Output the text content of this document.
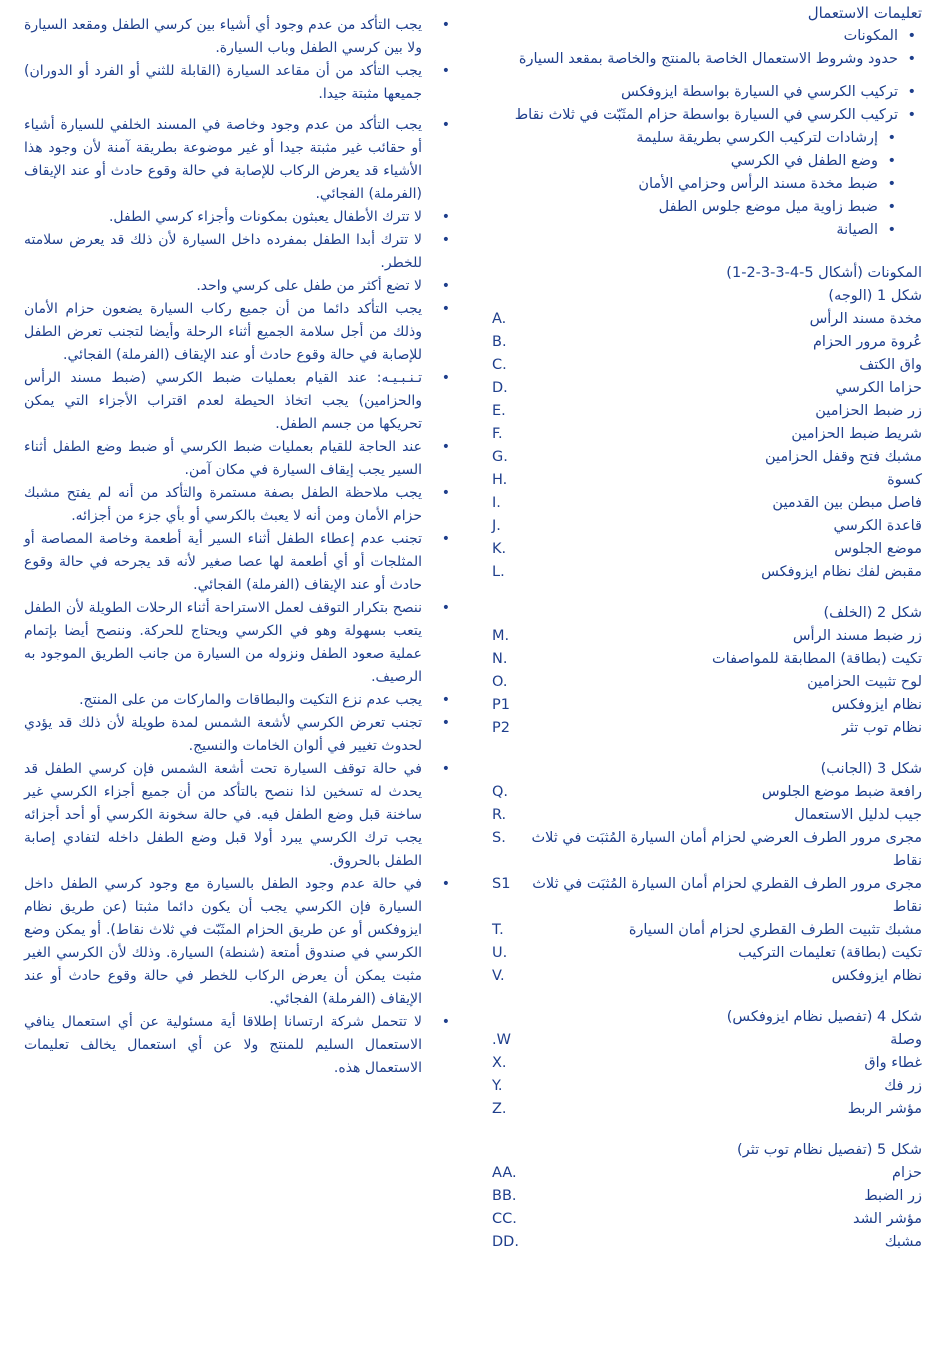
تعليمات الاستعمال
• المكونات
• حدود وشروط الاستعمال الخاصة بالمنتج والخاصة بمقعد السيارة
• تركيب الكرسي في السيارة بواسطة ايزوفكس
• تركيب الكرسي في السيارة بواسطة حزام المثَبّت في ثلاث نقاط
• إرشادات لتركيب الكرسي بطريقة سليمة
• وضع الطفل في الكرسي
• ضبط مخدة مسند الرأس وحزامي الأمان
• ضبط زاوية ميل موضع جلوس الطفل
• الصيانة
المكونات (أشكال 5-4-3-3-2-1)
شكل 1 (الوجه)
مخدة مسند الرأس
A.
عُروة مرور الحزام
B.
واق الكتف
C.
حزاما الكرسي
D.
زر ضبط الحزامين
E.
شريط ضبط الحزامين
F.
مشبك فتح وقفل الحزامين
G.
كسوة
H.
فاصل مبطن بين القدمين
I.
قاعدة الكرسي
J.
موضع الجلوس
K.
مقبض لفك نظام ايزوفكس
L.
شكل 2 (الخلف)
زر ضبط مسند الرأس
M.
تكيت (بطاقة) المطابقة للمواصفات
N.
لوح تثبيت الحزامين
O.
نظام ايزوفكس
P1
نظام توب تثر
P2
شكل 3 (الجانب)
رافعة ضبط موضع الجلوس
Q.
جيب لدليل الاستعمال
R.
مجرى مرور الطرف العرضي لحزام أمان السيارة المُثبَت في ثلاث نقاط
S.
مجرى مرور الطرف القطري لحزام أمان السيارة المُثبَت في ثلاث نقاط
S1
مشبك تثبيت الطرف القطري لحزام أمان السيارة
T.
تكيت (بطاقة) تعليمات التركيب
U.
نظام ايزوفكس
V.
شكل 4 (تفصيل نظام ايزوفكس)
وصلة
.W
غطاء واق
X.
زر فك
Y.
مؤشر الربط
Z.
شكل 5 (تفصيل نظام توب تثر)
حزام
AA.
زر الضبط
BB.
مؤشر الشد
CC.
مشبك
DD.
• يجب التأكد من عدم وجود أي أشياء بين كرسي الطفل ومقعد السيارة ولا بين كرسي الطفل وباب السيارة.
• يجب التأكد من أن مقاعد السيارة (القابلة للثني أو الفرد أو الدوران) جميعها مثبتة جيدا.
• يجب التأكد من عدم وجود وخاصة في المسند الخلفي للسيارة أشياء أو حقائب غير مثبتة جيدا أو غير موضوعة بطريقة آمنة لأن وجود هذا الأشياء قد يعرض الركاب للإصابة في حالة وقوع حادث أو عند الإيقاف (الفرملة) الفجائي.
• لا تترك الأطفال يعبثون بمكونات وأجزاء كرسي الطفل.
• لا تترك أبدا الطفل بمفرده داخل السيارة لأن ذلك قد يعرض سلامته للخطر.
• لا تضع أكثر من طفل على كرسي واحد.
• يجب التأكد دائما من أن جميع ركاب السيارة يضعون حزام الأمان وذلك من أجل سلامة الجميع أثناء الرحلة وأيضا لتجنب تعرض الطفل للإصابة في حالة وقوع حادث أو عند الإيقاف (الفرملة) الفجائي.
• تـنـبـيـه: عند القيام بعمليات ضبط الكرسي (ضبط مسند الرأس والحزامين) يجب اتخاذ الحيطة لعدم اقتراب الأجزاء التي يمكن تحريكها من جسم الطفل.
• عند الحاجة للقيام بعمليات ضبط الكرسي أو ضبط وضع الطفل أثناء السير يجب إيقاف السيارة في مكان آمن.
• يجب ملاحظة الطفل بصفة مستمرة والتأكد من أنه لم يفتح مشبك حزام الأمان ومن أنه لا يعبث بالكرسي أو بأي جزء من أجزائه.
• تجنب عدم إعطاء الطفل أثناء السير أية أطعمة وخاصة المصاصة أو المثلجات أو أي أطعمة لها عصا صغير لأنه قد يجرحه في حالة وقوع حادث أو عند الإيقاف (الفرملة) الفجائي.
• ننصح بتكرار التوقف لعمل الاستراحة أثناء الرحلات الطويلة لأن الطفل يتعب بسهولة وهو في الكرسي ويحتاج للحركة. وننصح أيضا بإتمام عملية صعود الطفل ونزوله من السيارة من جانب الطريق الموجود به الرصيف.
• يجب عدم نزع التكيت والبطاقات والماركات من على المنتج.
• تجنب تعرض الكرسي لأشعة الشمس لمدة طويلة لأن ذلك قد يؤدي لحدوث تغيير في ألوان الخامات والنسيج.
• في حالة توقف السيارة تحت أشعة الشمس فإن كرسي الطفل قد يحدث له تسخين لذا ننصح بالتأكد من أن جميع أجزاء الكرسي غير ساخنة قبل وضع الطفل فيه. في حالة سخونة الكرسي أو أحد أجزائه يجب ترك الكرسي يبرد أولا قبل وضع الطفل داخله لتفادي إصابة الطفل بالحروق.
• في حالة عدم وجود الطفل بالسيارة مع وجود كرسي الطفل داخل السيارة فإن الكرسي يجب أن يكون دائما مثبتا (عن طريق نظام ايزوفكس أو عن طريق الحزام المثَبّت في ثلاث نقاط). أو يمكن وضع الكرسي في صندوق أمتعة (شنطة) السيارة. وذلك لأن الكرسي الغير مثبت يمكن أن يعرض الركاب للخطر في حالة وقوع حادث أو عند الإيقاف (الفرملة) الفجائي.
• لا تتحمل شركة ارتسانا إطلاقا أية مسئولية عن أي استعمال ينافي الاستعمال السليم للمنتج ولا عن أي استعمال يخالف تعليمات الاستعمال هذه.
